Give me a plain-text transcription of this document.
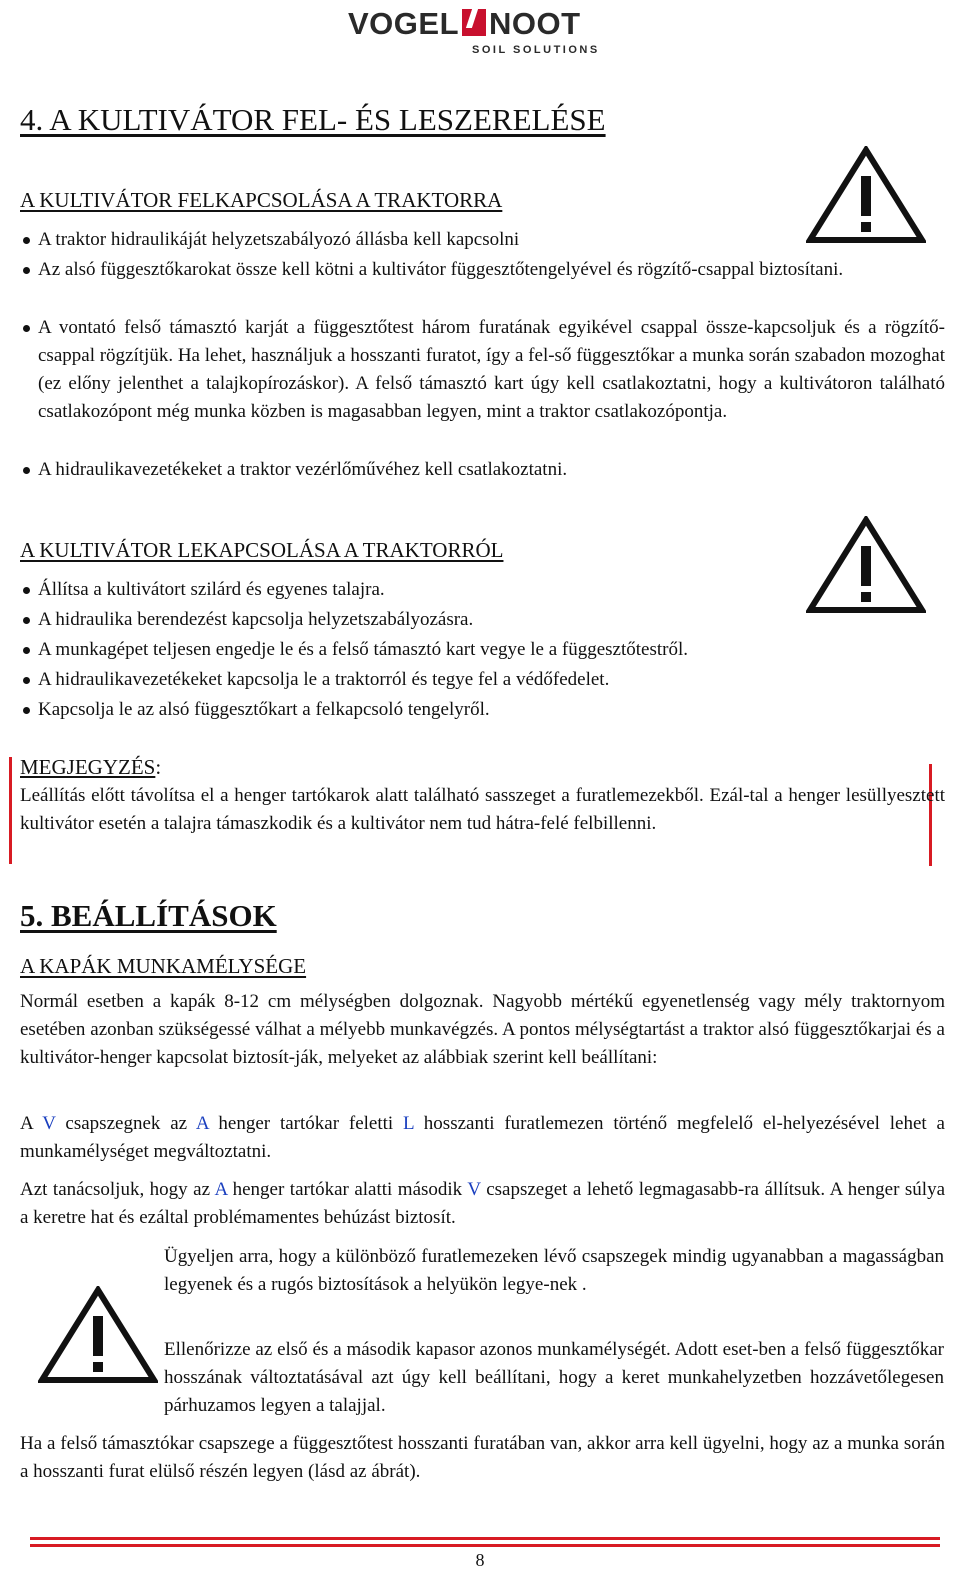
VOGEL NOOT
SOIL SOLUTIONS
4. A KULTIVÁTOR FEL- ÉS LESZERELÉSE
A KULTIVÁTOR FELKAPCSOLÁSA A TRAKTORRA
A traktor hidraulikáját helyzetszabályozó állásba kell kapcsolni
Az alsó függesztőkarokat össze kell kötni a kultivátor függesztőtengelyével és rögzítő-csappal biztosítani.
A vontató felső támasztó karját a függesztőtest három furatának egyikével csappal össze-kapcsoljuk és a rögzítő-csappal rögzítjük. Ha lehet, használjuk a hosszanti furatot, így a fel-ső függesztőkar a munka során szabadon mozoghat (ez előny jelenthet a talajkopírozáskor). A felső támasztó kart úgy kell csatlakoztatni, hogy a kultivátoron található csatlakozópont még munka közben is magasabban legyen, mint a traktor csatlakozópontja.
A hidraulikavezetékeket a traktor vezérlőművéhez kell csatlakoztatni.
A KULTIVÁTOR LEKAPCSOLÁSA A TRAKTORRÓL
Állítsa a kultivátort szilárd és egyenes talajra.
A hidraulika berendezést kapcsolja helyzetszabályozásra.
A munkagépet teljesen engedje le és a felső támasztó kart vegye le a függesztőtestről.
A hidraulikavezetékeket kapcsolja le a traktorról és tegye fel a védőfedelet.
Kapcsolja le az alsó függesztőkart a felkapcsoló tengelyről.
MEGJEGYZÉS:
Leállítás előtt távolítsa el a henger tartókarok alatt található sasszeget a furatlemezekből. Ezál-tal a henger lesüllyesztett kultivátor esetén a talajra támaszkodik és a kultivátor nem tud hátra-felé felbillenni.
5. BEÁLLÍTÁSOK
A KAPÁK MUNKAMÉLYSÉGE
Normál esetben a kapák 8-12 cm mélységben dolgoznak. Nagyobb mértékű egyenetlenség vagy mély traktornyom esetében azonban szükségessé válhat a mélyebb munkavégzés. A pontos mélységtartást a traktor alsó függesztőkarjai és a kultivátor-henger kapcsolat biztosít-ják, melyeket az alábbiak szerint kell beállítani:
A V csapszegnek az A henger tartókar feletti L hosszanti furatlemezen történő megfelelő el-helyezésével lehet a munkamélységet megváltoztatni.
Azt tanácsoljuk, hogy az A henger tartókar alatti második V csapszeget a lehető legmagasabb-ra állítsuk. A henger súlya a keretre hat és ezáltal problémamentes behúzást biztosít.
Ügyeljen arra, hogy a különböző furatlemezeken lévő csapszegek mindig ugyanabban a magasságban legyenek és a rugós biztosítások a helyükön legye-nek .
Ellenőrizze az első és a második kapasor azonos munkamélységét. Adott eset-ben a felső függesztőkar hosszának változtatásával azt úgy kell beállítani, hogy a keret munkahelyzetben hozzávetőlegesen párhuzamos legyen a talajjal.
Ha a felső támasztókar csapszege a függesztőtest hosszanti furatában van, akkor arra kell ügyelni, hogy az a munka során a hosszanti furat elülső részén legyen (lásd az ábrát).
8
